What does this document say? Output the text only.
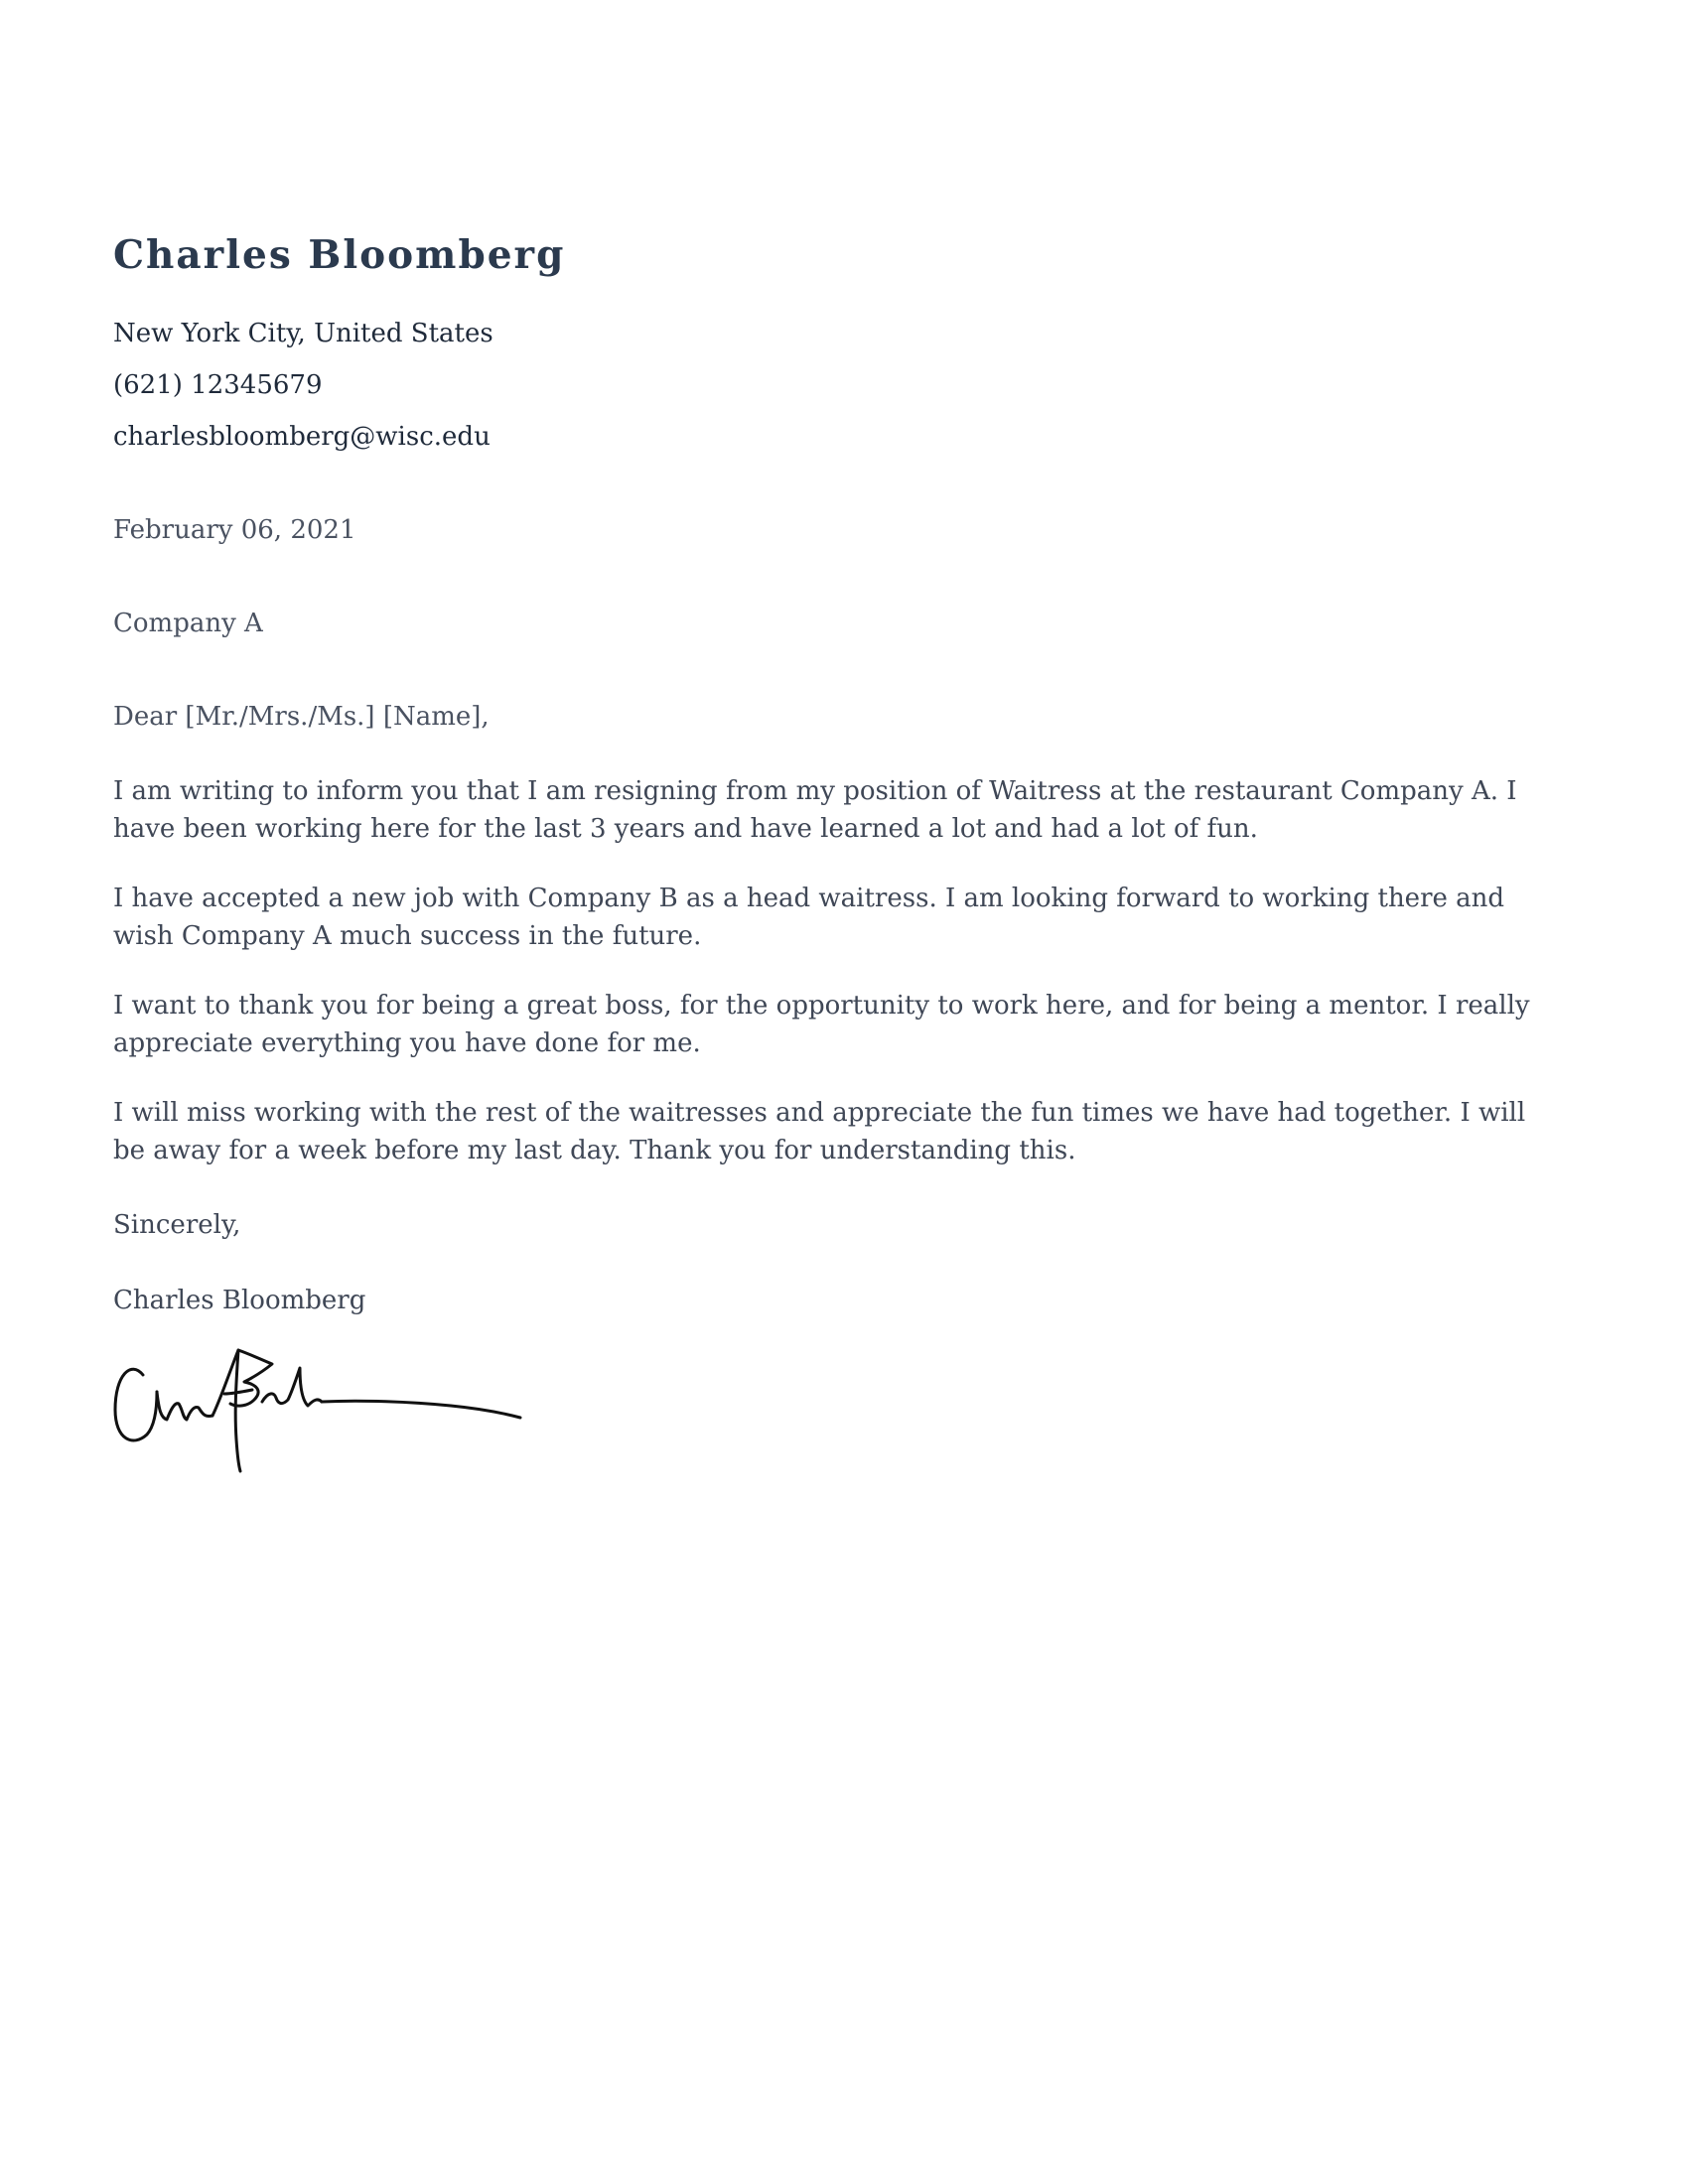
Charles Bloomberg
New York City, United States
(621) 12345679
charlesbloomberg@wisc.edu
February 06, 2021
Company A
Dear [Mr./Mrs./Ms.] [Name],
I am writing to inform you that I am resigning from my position of Waitress at the restaurant Company A. I have been working here for the last 3 years and have learned a lot and had a lot of fun.
I have accepted a new job with Company B as a head waitress. I am looking forward to working there and wish Company A much success in the future.
I want to thank you for being a great boss, for the opportunity to work here, and for being a mentor. I really appreciate everything you have done for me.
I will miss working with the rest of the waitresses and appreciate the fun times we have had together. I will be away for a week before my last day. Thank you for understanding this.
Sincerely,
Charles Bloomberg
